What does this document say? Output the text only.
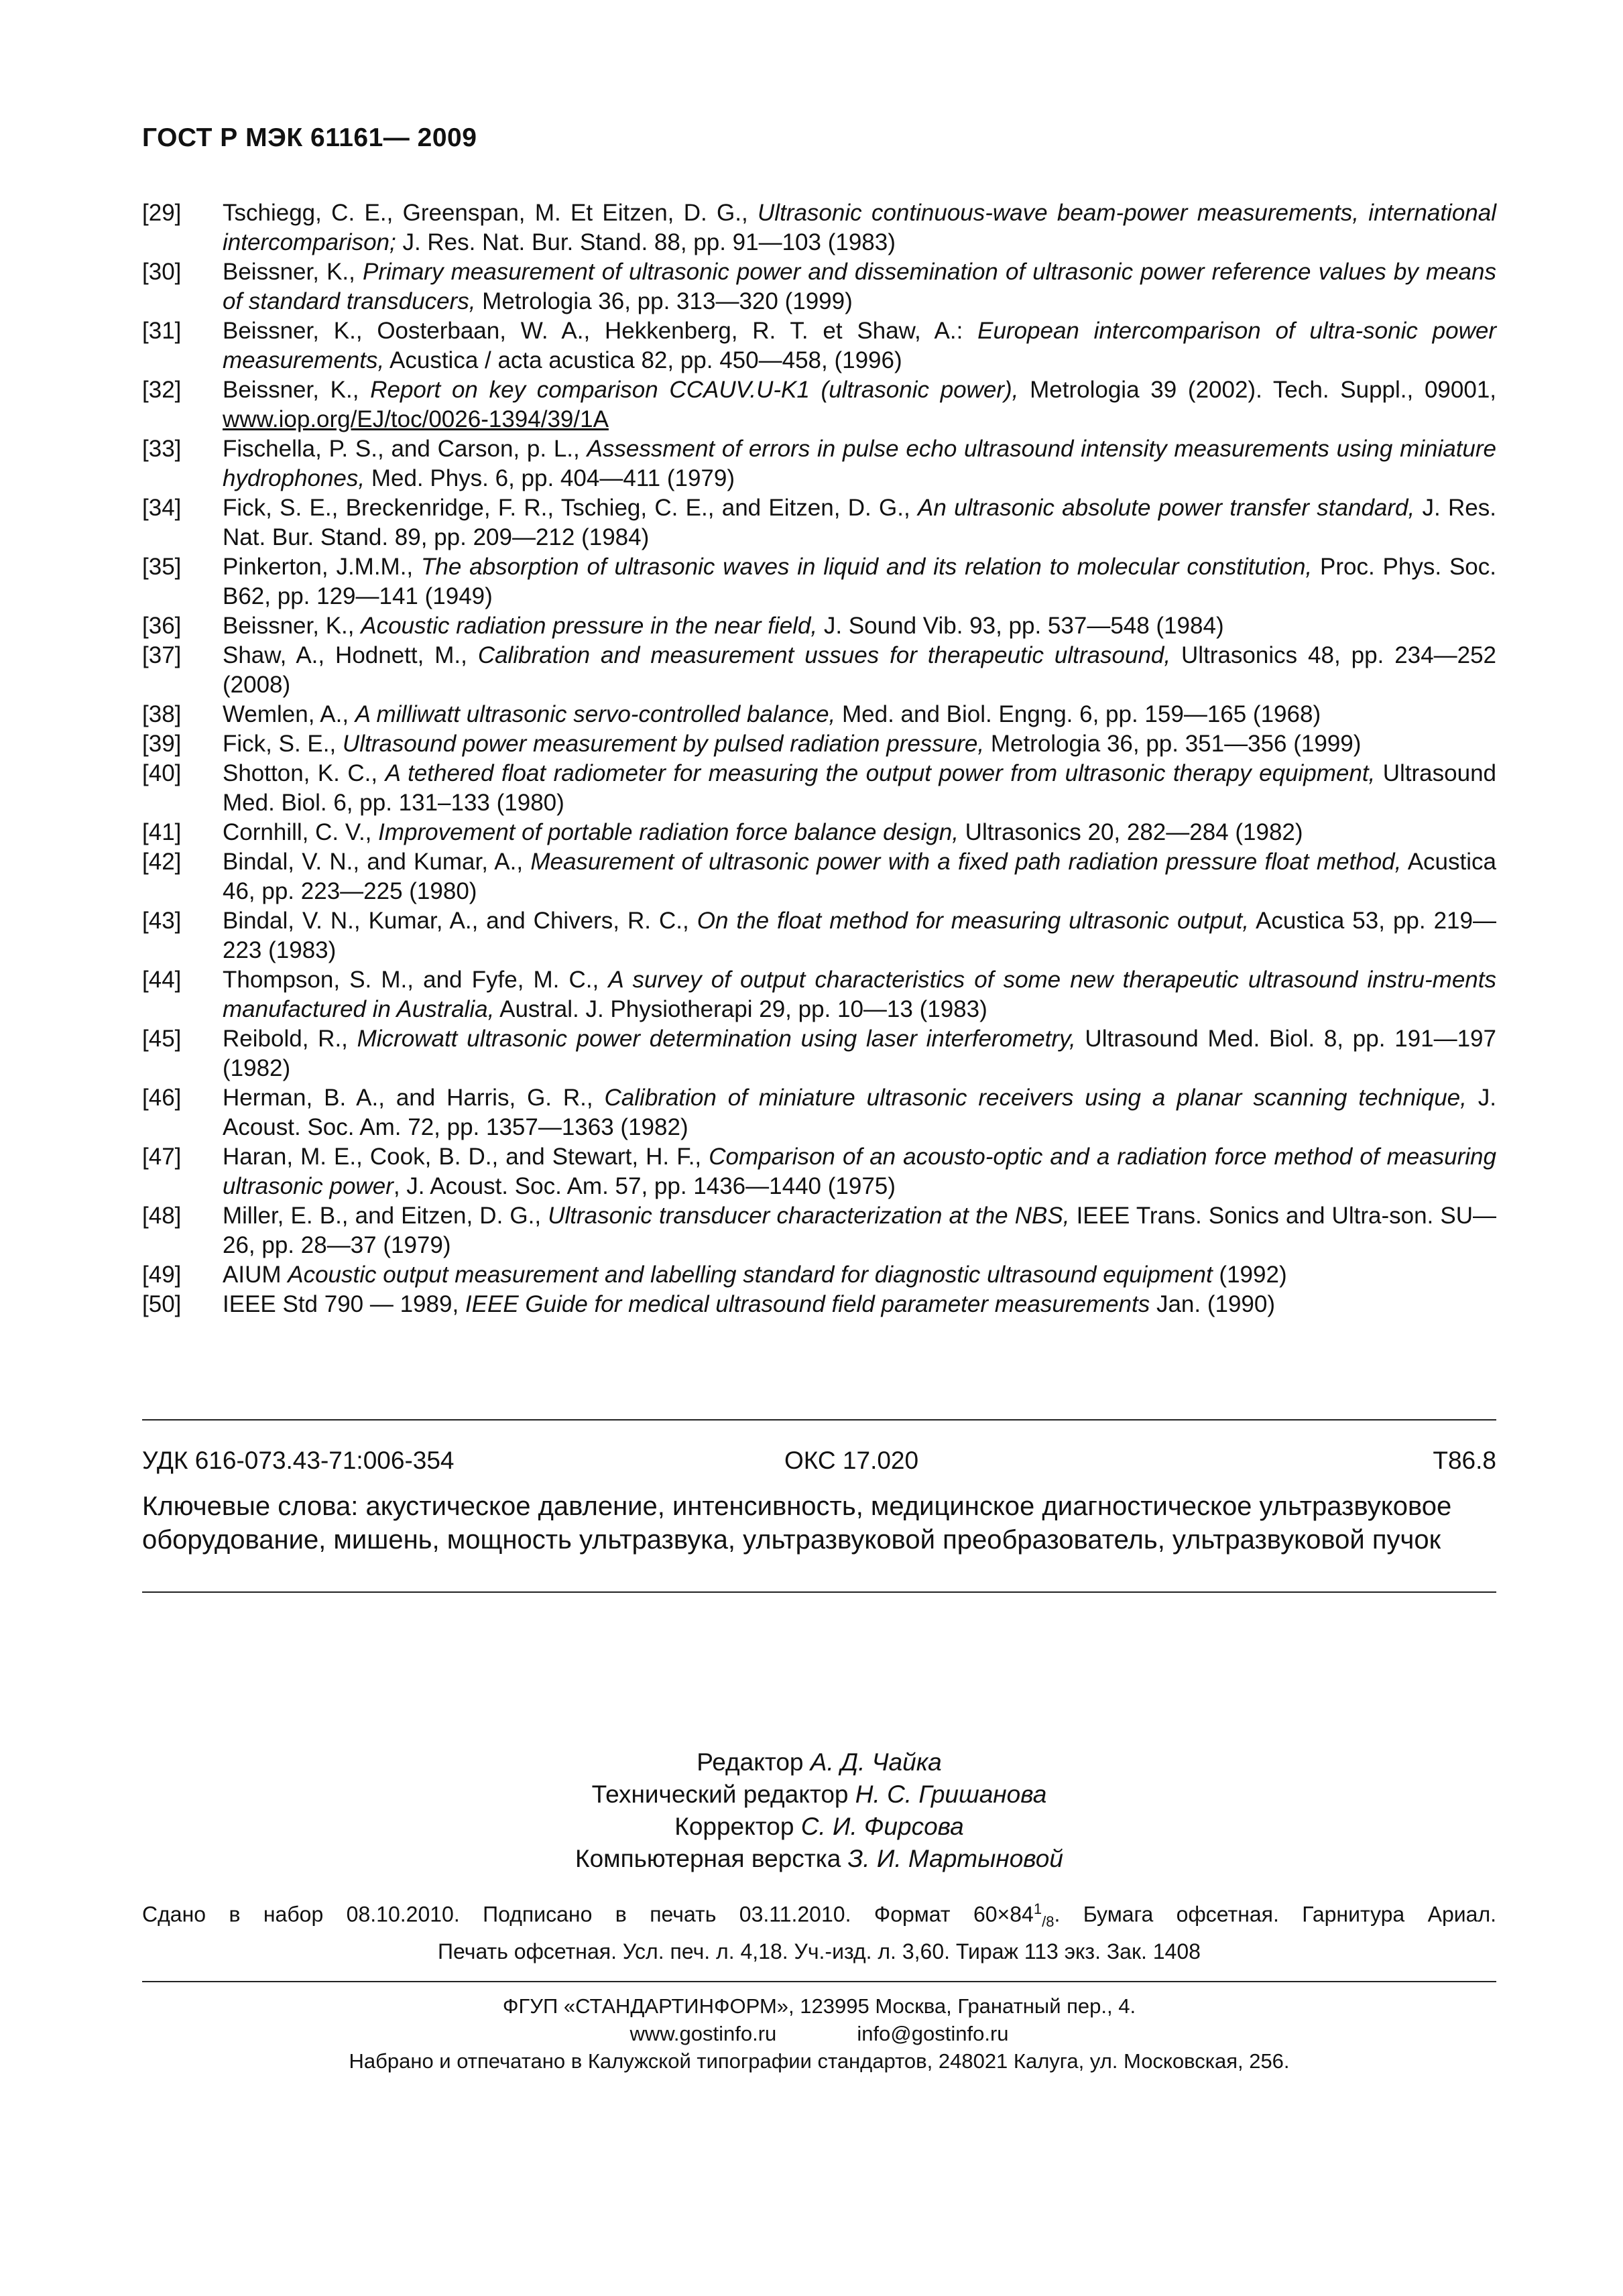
ГОСТ Р МЭК 61161— 2009
[29]	Tschiegg, C. E., Greenspan, M. Et Eitzen, D. G., Ultrasonic continuous-wave beam-power measurements, international intercomparison; J. Res. Nat. Bur. Stand. 88, pp. 91—103 (1983)
[30]	Beissner, K., Primary measurement of ultrasonic power and dissemination of ultrasonic power reference values by means of standard transducers, Metrologia 36, pp. 313—320 (1999)
[31]	Beissner, K., Oosterbaan, W. A., Hekkenberg, R. T. et Shaw, A.: European intercomparison of ultra-sonic power measurements, Acustica / acta acustica 82, pp. 450—458, (1996)
[32]	Beissner, K., Report on key comparison CCAUV.U-K1 (ultrasonic power), Metrologia 39 (2002). Tech. Suppl., 09001, www.iop.org/EJ/toc/0026-1394/39/1A
[33]	Fischella, P. S., and Carson, p. L., Assessment of errors in pulse echo ultrasound intensity measurements using miniature hydrophones, Med. Phys. 6, pp. 404—411 (1979)
[34]	Fick, S. E., Breckenridge, F. R., Tschieg, C. E., and Eitzen, D. G., An ultrasonic absolute power transfer standard, J. Res. Nat. Bur. Stand. 89, pp. 209—212 (1984)
[35]	Pinkerton, J.M.M., The absorption of ultrasonic waves in liquid and its relation to molecular constitution, Proc. Phys. Soc. B62, pp. 129—141 (1949)
[36]	Beissner, K., Acoustic radiation pressure in the near field, J. Sound Vib. 93, pp. 537—548 (1984)
[37]	Shaw, A., Hodnett, M., Calibration and measurement ussues for therapeutic ultrasound, Ultrasonics 48, pp. 234—252 (2008)
[38]	Wemlen, A., A milliwatt ultrasonic servo-controlled balance, Med. and Biol. Engng. 6, pp. 159—165 (1968)
[39]	Fick, S. E., Ultrasound power measurement by pulsed radiation pressure, Metrologia 36, pp. 351—356 (1999)
[40]	Shotton, K. C., A tethered float radiometer for measuring the output power from ultrasonic therapy equipment, Ultrasound Med. Biol. 6, pp. 131–133 (1980)
[41]	Cornhill, C. V., Improvement of portable radiation force balance design, Ultrasonics 20, 282—284 (1982)
[42]	Bindal, V. N., and Kumar, A., Measurement of ultrasonic power with a fixed path radiation pressure float method, Acustica 46, pp. 223—225 (1980)
[43]	Bindal, V. N., Kumar, A., and Chivers, R. C., On the float method for measuring ultrasonic output, Acustica 53, pp. 219—223 (1983)
[44]	Thompson, S. M., and Fyfe, M. C., A survey of output characteristics of some new therapeutic ultrasound instru-ments manufactured in Australia, Austral. J. Physiotherapi 29, pp. 10—13 (1983)
[45]	Reibold, R., Microwatt ultrasonic power determination using laser interferometry, Ultrasound Med. Biol. 8, pp. 191—197 (1982)
[46]	Herman, B. A., and Harris, G. R., Calibration of miniature ultrasonic receivers using a planar scanning technique, J. Acoust. Soc. Am. 72, pp. 1357—1363 (1982)
[47]	Haran, M. E., Cook, B. D., and Stewart, H. F., Comparison of an acousto-optic and a radiation force method of measuring ultrasonic power, J. Acoust. Soc. Am. 57, pp. 1436—1440 (1975)
[48]	Miller, E. B., and Eitzen, D. G., Ultrasonic transducer characterization at the NBS, IEEE Trans. Sonics and Ultra-son. SU—26, pp. 28—37 (1979)
[49]	AIUM Acoustic output measurement and labelling standard for diagnostic ultrasound equipment (1992)
[50]	IEEE Std 790 — 1989, IEEE Guide for medical ultrasound field parameter measurements Jan. (1990)
УДК 616-073.43-71:006-354	ОКС 17.020	Т86.8
Ключевые слова: акустическое давление, интенсивность, медицинское диагностическое ультразвуковое оборудование, мишень, мощность ультразвука, ультразвуковой преобразователь, ультразвуковой пучок
Редактор А. Д. Чайка
Технический редактор Н. С. Гришанова
Корректор С. И. Фирсова
Компьютерная верстка З. И. Мартыновой
Сдано в набор 08.10.2010. Подписано в печать 03.11.2010. Формат $60\times 84^1_{/8}$. Бумага офсетная. Гарнитура Ариал.
Печать офсетная. Усл. печ. л. 4,18. Уч.-изд. л. 3,60. Тираж 113 экз. Зак. 1408
ФГУП «СТАНДАРТИНФОРМ», 123995 Москва, Гранатный пер., 4.
www.gostinfo.ru	info@gostinfo.ru
Набрано и отпечатано в Калужской типографии стандартов, 248021 Калуга, ул. Московская, 256.
